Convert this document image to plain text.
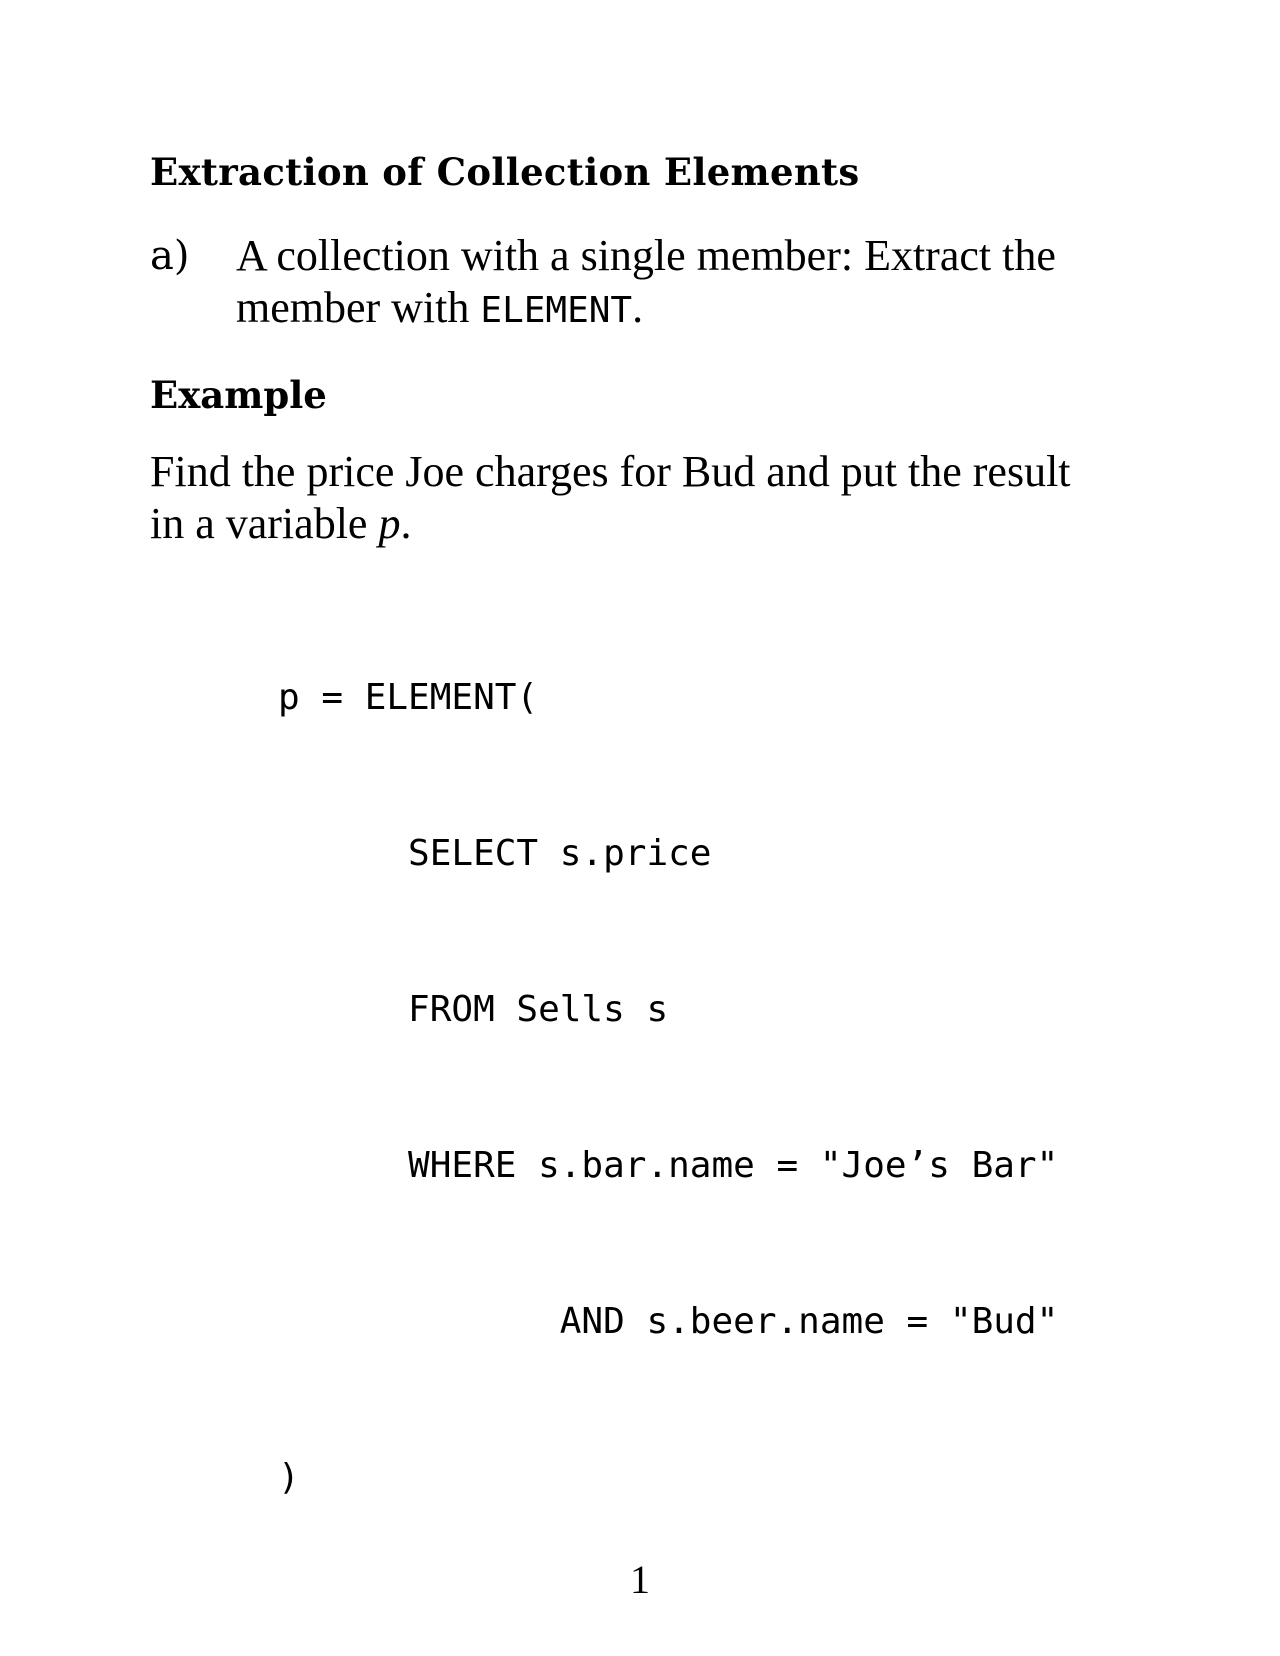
Extraction of Collection Elements
a) A collection with a single member: Extract the member with ELEMENT.
Example

Find the price Joe charges for Bud and put the result in a variable p.

p = ELEMENT(

SELECT s.price

FROM Sells s

WHERE s.bar.name = "Joe’s Bar"

AND s.beer.name = "Bud"

)

1
